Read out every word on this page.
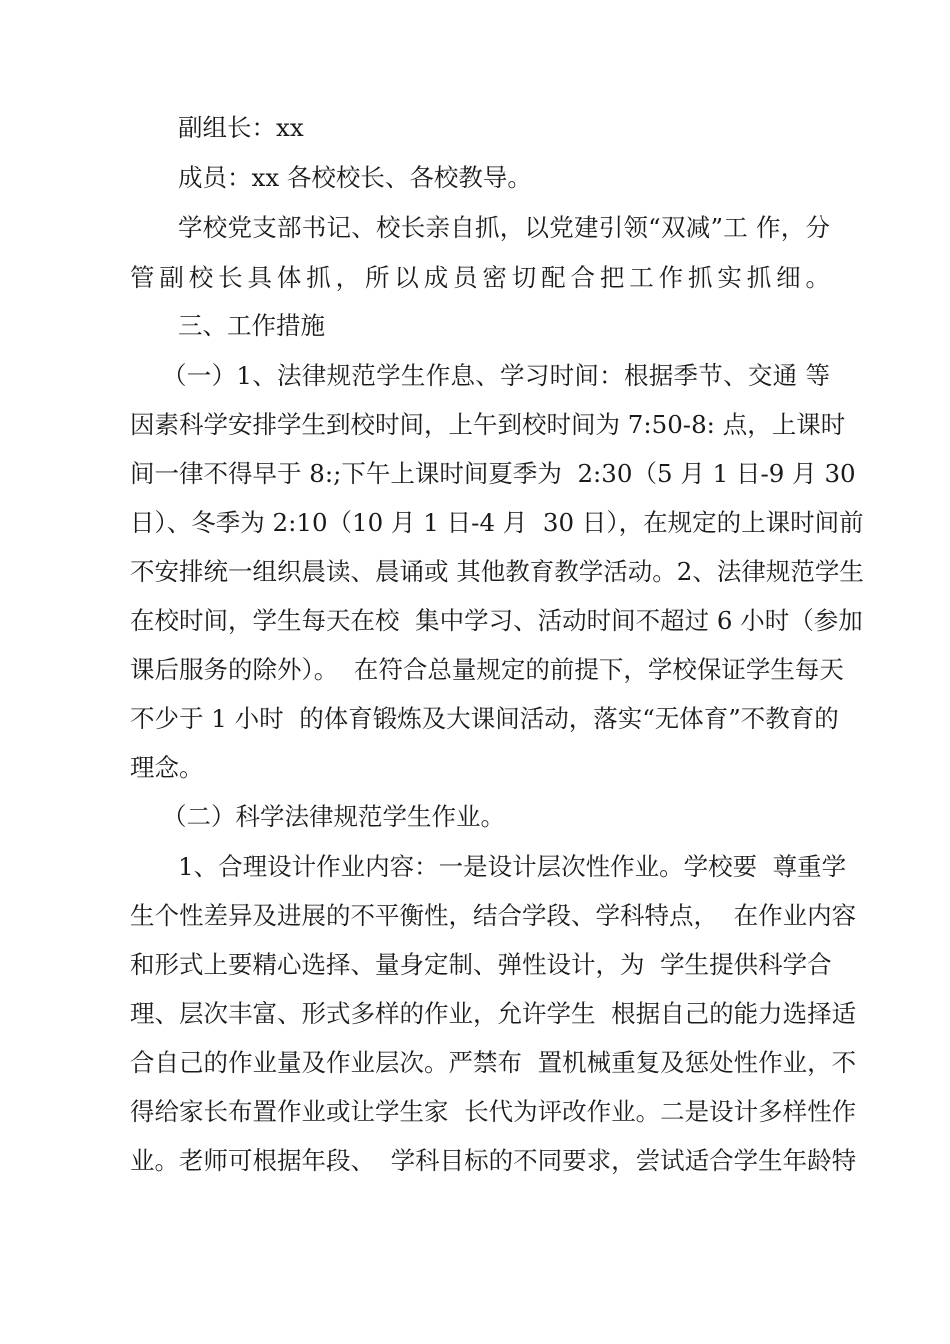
副组长：xx
成员：xx 各校校长、各校教导。
学校党支部书记、校长亲自抓，以党建引领“双减”工 作，分
管副校长具体抓，所以成员密切配合把工作抓实抓细。
三、工作措施
（一）1、法律规范学生作息、学习时间：根据季节、交通 等
因素科学安排学生到校时间，上午到校时间为 7:50-8: 点，上课时
间一律不得早于 8:;下午上课时间夏季为  2:30（5 月 1 日-9 月 30
日）、冬季为 2:10（10 月 1 日-4 月  30 日），在规定的上课时间前
不安排统一组织晨读、晨诵或 其他教育教学活动。2、法律规范学生
在校时间，学生每天在校  集中学习、活动时间不超过 6 小时（参加
课后服务的除外）。  在符合总量规定的前提下，学校保证学生每天
不少于 1 小时  的体育锻炼及大课间活动，落实“无体育”不教育的
理念。
（二）科学法律规范学生作业。
1、合理设计作业内容：一是设计层次性作业。学校要  尊重学
生个性差异及进展的不平衡性，结合学段、学科特点，  在作业内容
和形式上要精心选择、量身定制、弹性设计，为  学生提供科学合
理、层次丰富、形式多样的作业，允许学生  根据自己的能力选择适
合自己的作业量及作业层次。严禁布  置机械重复及惩处性作业，不
得给家长布置作业或让学生家  长代为评改作业。二是设计多样性作
业。老师可根据年段、  学科目标的不同要求，尝试适合学生年龄特
